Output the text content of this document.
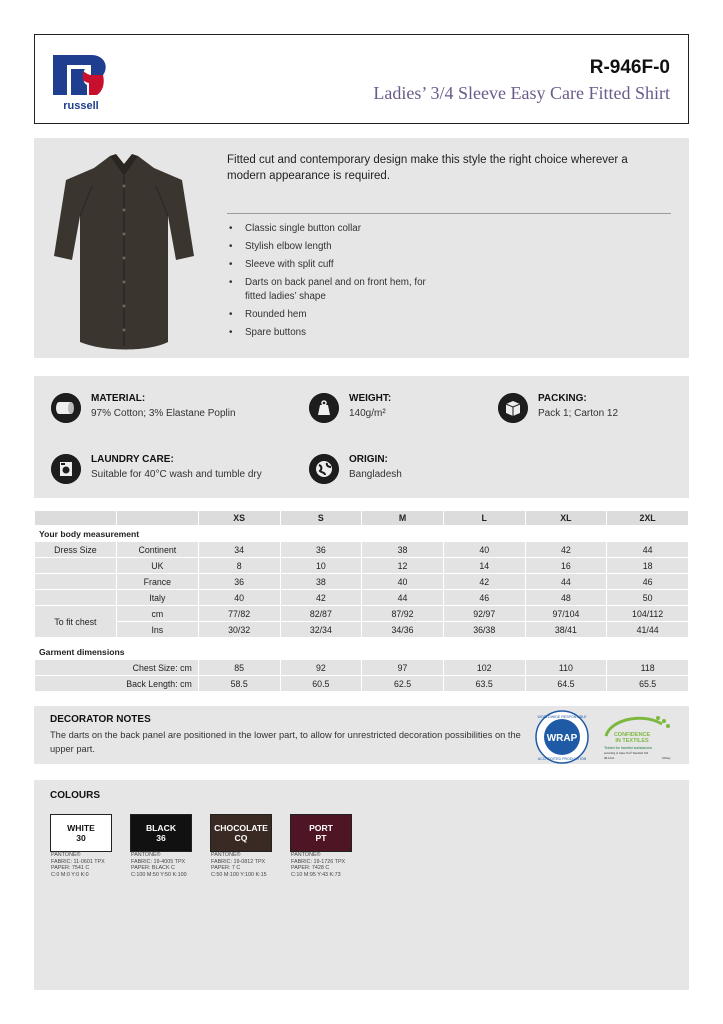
russell
R-946F-0
Ladies’ 3/4 Sleeve Easy Care Fitted Shirt
Fitted cut and contemporary design make this style the right choice wherever a modern appearance is required.
• Classic single button collar
• Stylish elbow length
• Sleeve with split cuff
• Darts on back panel and on front hem, for fitted ladies’ shape
• Rounded hem
• Spare buttons
MATERIAL:
97% Cotton; 3% Elastane Poplin
WEIGHT:
140g/m²
PACKING:
Pack 1; Carton 12
LAUNDRY CARE:
Suitable for 40°C wash and tumble dry
ORIGIN:
Bangladesh
		XS	S	M	L	XL	2XL
Your body measurement							
Dress Size	Continent	34	36	38	40	42	44
	UK	8	10	12	14	16	18
	France	36	38	40	42	44	46
	Italy	40	42	44	46	48	50
To fit chest	cm	77/82	82/87	87/92	92/97	97/104	104/112
	Ins	30/32	32/34	34/36	36/38	38/41	41/44

Garment dimensions							
Chest Size: cm		85	92	97	102	110	118
Back Length: cm		58.5	60.5	62.5	63.5	64.5	65.5
DECORATOR NOTES
The darts on the back panel are positioned in the lower part, to allow for unrestricted decoration possibilities on the upper part.
WRAP
WORLDWIDE RESPONSIBLE
ACCREDITED PRODUCTION
CONFIDENCE
IN TEXTILES
Tested for harmful substances
according to Oeko-Tex® Standard 100
08-1441	Shirley
COLOURS
WHITE
30
PANTONE®
FABRIC: 11-0601 TPX
PAPER: 7541 C
C:0 M:0 Y:0 K:0
BLACK
36
PANTONE®
FABRIC: 19-4005 TPX
PAPER: BLACK C
C:100 M:50 Y:50 K:100
CHOCOLATE
CQ
PANTONE®
FABRIC: 19-0812 TPX
PAPER: 7 C
C:50 M:100 Y:100 K:15
PORT
PT
PANTONE®
FABRIC: 19-1726 TPX
PAPER: 7428 C
C:10 M:95 Y:43 K:73
